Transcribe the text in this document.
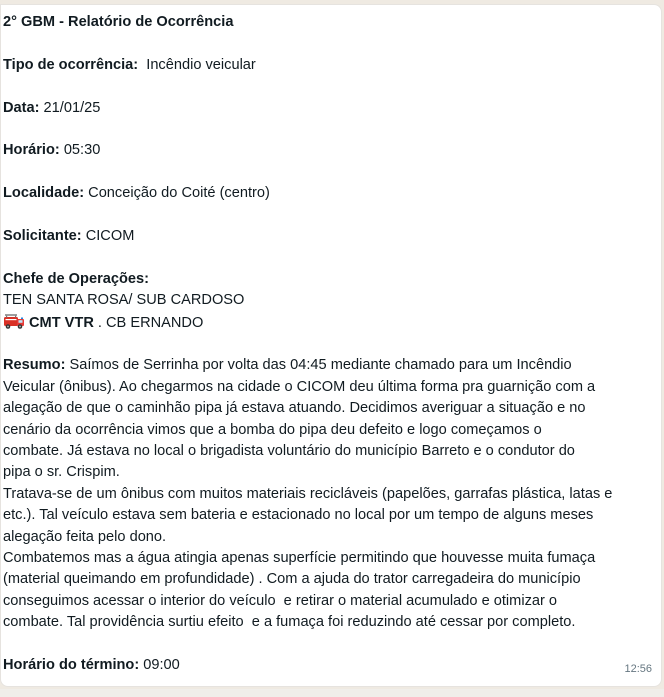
2° GBM - Relatório de Ocorrência

Tipo de ocorrência:  Incêndio veicular

Data: 21/01/25

Horário: 05:30

Localidade: Conceição do Coité (centro)

Solicitante: CICOM

Chefe de Operações:

TEN SANTA ROSA/ SUB CARDOSO

CMT VTR . CB ERNANDO

Resumo: Saímos de Serrinha por volta das 04:45 mediante chamado para um Incêndio

Veicular (ônibus). Ao chegarmos na cidade o CICOM deu última forma pra guarnição com a

alegação de que o caminhão pipa já estava atuando. Decidimos averiguar a situação e no

cenário da ocorrência vimos que a bomba do pipa deu defeito e logo começamos o

combate. Já estava no local o brigadista voluntário do município Barreto e o condutor do

pipa o sr. Crispim.

Tratava-se de um ônibus com muitos materiais recicláveis (papelões, garrafas plástica, latas e

etc.). Tal veículo estava sem bateria e estacionado no local por um tempo de alguns meses

alegação feita pelo dono.

Combatemos mas a água atingia apenas superfície permitindo que houvesse muita fumaça

(material queimando em profundidade) . Com a ajuda do trator carregadeira do município

conseguimos acessar o interior do veículo  e retirar o material acumulado e otimizar o

combate. Tal providência surtiu efeito  e a fumaça foi reduzindo até cessar por completo.

Horário do término: 09:00	12:56
